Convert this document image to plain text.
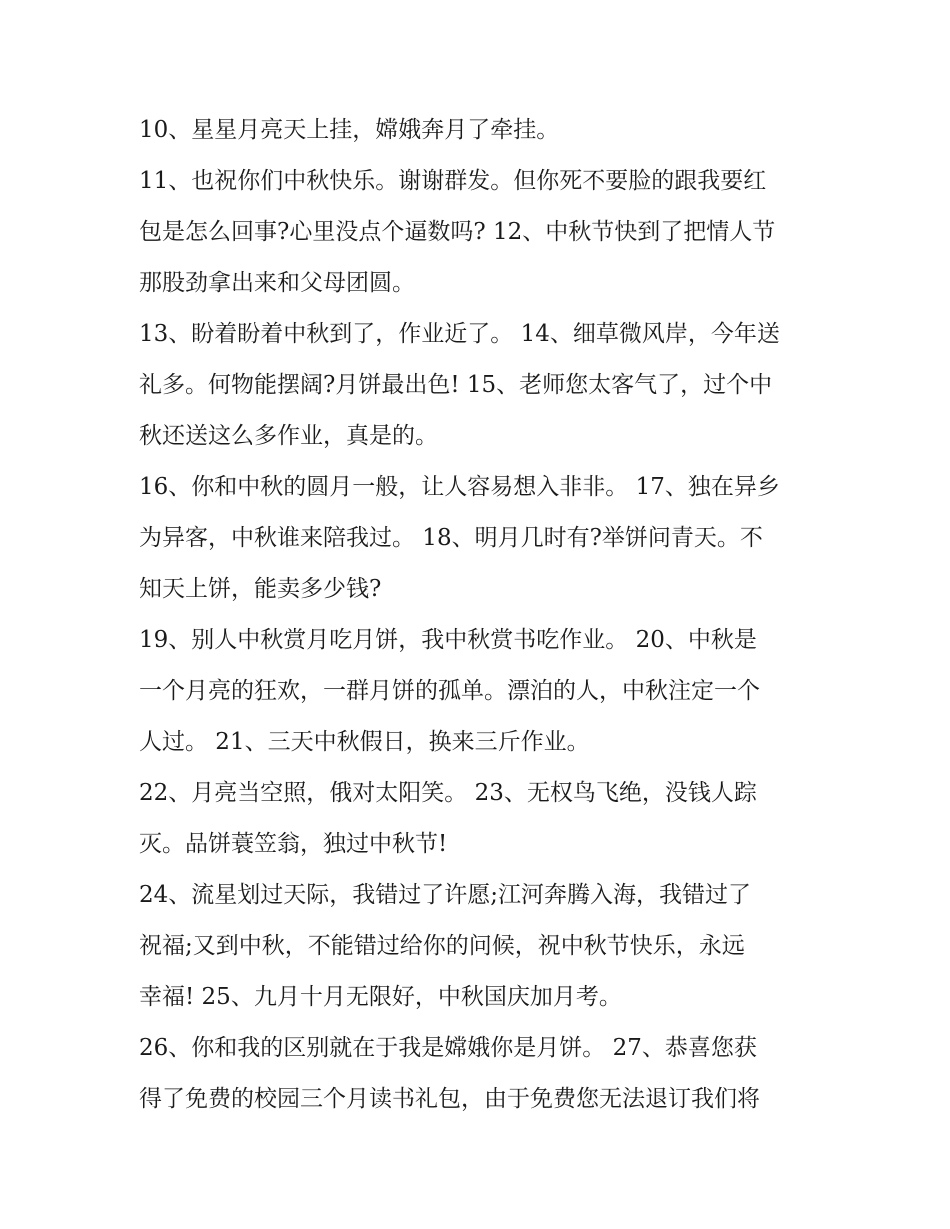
10、星星月亮天上挂，嫦娥奔月了牵挂。
11、也祝你们中秋快乐。谢谢群发。但你死不要脸的跟我要红
包是怎么回事?心里没点个逼数吗? 12、中秋节快到了把情人节
那股劲拿出来和父母团圆。
13、盼着盼着中秋到了，作业近了。 14、细草微风岸，今年送
礼多。何物能摆阔?月饼最出色! 15、老师您太客气了，过个中
秋还送这么多作业，真是的。
16、你和中秋的圆月一般，让人容易想入非非。 17、独在异乡
为异客，中秋谁来陪我过。 18、明月几时有?举饼问青天。不
知天上饼，能卖多少钱?
19、别人中秋赏月吃月饼，我中秋赏书吃作业。 20、中秋是
一个月亮的狂欢，一群月饼的孤单。漂泊的人，中秋注定一个
人过。 21、三天中秋假日，换来三斤作业。
22、月亮当空照，俄对太阳笑。 23、无权鸟飞绝，没钱人踪
灭。品饼蓑笠翁，独过中秋节!
24、流星划过天际，我错过了许愿;江河奔腾入海，我错过了
祝福;又到中秋，不能错过给你的问候，祝中秋节快乐，永远
幸福! 25、九月十月无限好，中秋国庆加月考。
26、你和我的区别就在于我是嫦娥你是月饼。 27、恭喜您获
得了免费的校园三个月读书礼包，由于免费您无法退订我们将
